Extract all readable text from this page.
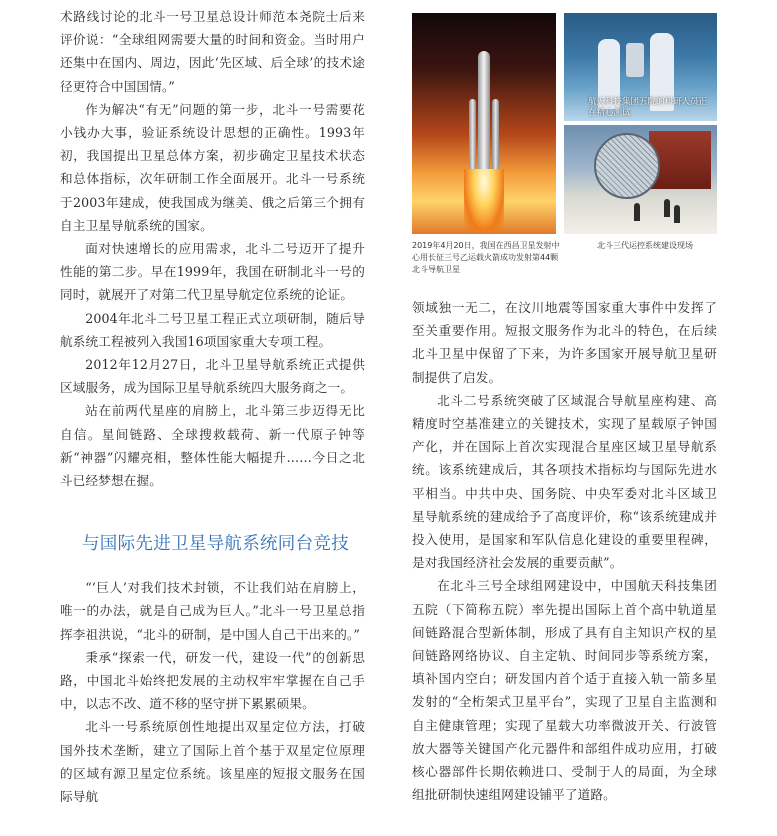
术路线讨论的北斗一号卫星总设计师范本尧院士后来评价说：“全球组网需要大量的时间和资金。当时用户还集中在国内、周边，因此‘先区域、后全球’的技术途径更符合中国国情。”

作为解决“有无”问题的第一步，北斗一号需要花小钱办大事，验证系统设计思想的正确性。1993年初，我国提出卫星总体方案，初步确定卫星技术状态和总体指标，次年研制工作全面展开。北斗一号系统于2003年建成，使我国成为继美、俄之后第三个拥有自主卫星导航系统的国家。

面对快速增长的应用需求，北斗二号迈开了提升性能的第二步。早在1999年，我国在研制北斗一号的同时，就展开了对第二代卫星导航定位系统的论证。

2004年北斗二号卫星工程正式立项研制，随后导航系统工程被列入我国16项国家重大专项工程。

2012年12月27日，北斗卫星导航系统正式提供区域服务，成为国际卫星导航系统四大服务商之一。

站在前两代星座的肩膀上，北斗第三步迈得无比自信。星间链路、全球搜救载荷、新一代原子钟等新“神器”闪耀亮相，整体性能大幅提升……今日之北斗已经梦想在握。

与国际先进卫星导航系统同台竞技

“‘巨人’对我们技术封锁，不让我们站在肩膀上，唯一的办法，就是自己成为巨人。”北斗一号卫星总指挥李祖洪说，“北斗的研制，是中国人自己干出来的。”

秉承“探索一代，研发一代，建设一代”的创新思路，中国北斗始终把发展的主动权牢牢掌握在自己手中，以志不改、道不移的坚守拼下累累硕果。

北斗一号系统原创性地提出双星定位方法，打破国外技术垄断，建立了国际上首个基于双星定位原理的区域有源卫星定位系统。该星座的短报文服务在国际导航

航天科技集团五院的科研人员正在精心测试
2019年4月20日，我国在西昌卫星发射中心用长征三号乙运载火箭成功发射第44颗北斗导航卫星
北斗三代运控系统建设现场

领域独一无二，在汶川地震等国家重大事件中发挥了至关重要作用。短报文服务作为北斗的特色，在后续北斗卫星中保留了下来，为许多国家开展导航卫星研制提供了启发。

北斗二号系统突破了区域混合导航星座构建、高精度时空基准建立的关键技术，实现了星载原子钟国产化，并在国际上首次实现混合星座区域卫星导航系统。该系统建成后，其各项技术指标均与国际先进水平相当。中共中央、国务院、中央军委对北斗区域卫星导航系统的建成给予了高度评价，称“该系统建成并投入使用，是国家和军队信息化建设的重要里程碑，是对我国经济社会发展的重要贡献”。

在北斗三号全球组网建设中，中国航天科技集团五院（下简称五院）率先提出国际上首个高中轨道星间链路混合型新体制，形成了具有自主知识产权的星间链路网络协议、自主定轨、时间同步等系统方案，填补国内空白；研发国内首个适于直接入轨一箭多星发射的“全桁架式卫星平台”，实现了卫星自主监测和自主健康管理；实现了星载大功率微波开关、行波管放大器等关键国产化元器件和部组件成功应用，打破核心器部件长期依赖进口、受制于人的局面，为全球组批研制快速组网建设铺平了道路。
